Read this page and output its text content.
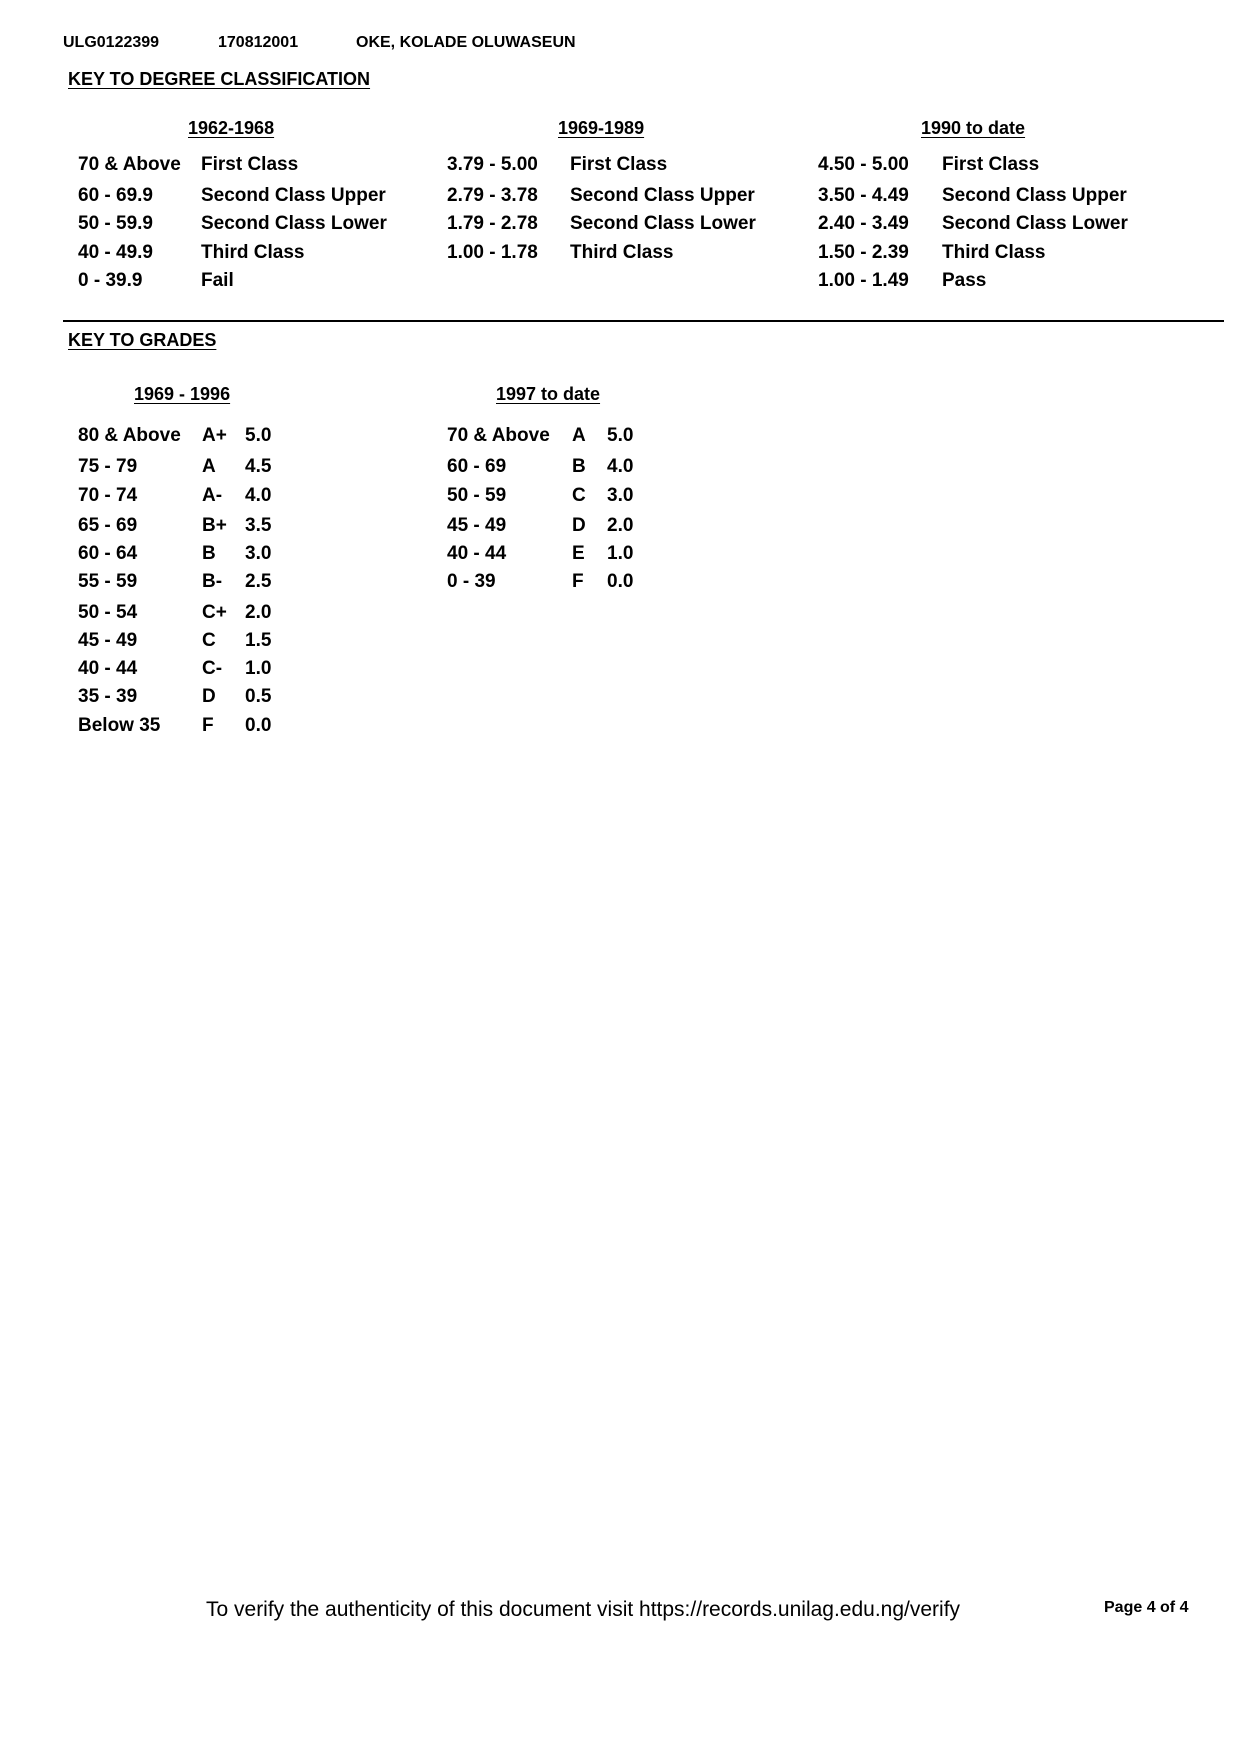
ULG0122399	170812001	OKE, KOLADE OLUWASEUN
KEY TO DEGREE CLASSIFICATION
1962-1968	1969-1989	1990 to date
70 & Above First Class
60 - 69.9	Second Class Upper
50 - 59.9	Second Class Lower
40 - 49.9	Third Class
0 - 39.9	Fail
3.79 - 5.00 First Class
2.79 - 3.78 Second Class Upper
1.79 - 2.78 Second Class Lower
1.00 - 1.78 Third Class
4.50 - 5.00 First Class
3.50 - 4.49 Second Class Upper
2.40 - 3.49 Second Class Lower
1.50 - 2.39 Third Class
1.00 - 1.49 Pass
KEY TO GRADES
1969 - 1996	1997 to date
80 & Above A+ 5.0
75 - 79	A 4.5
70 - 74	A- 4.0
65 - 69	B+ 3.5
60 - 64	B 3.0
55 - 59	B- 2.5
50 - 54	C+ 2.0
45 - 49	C 1.5
40 - 44	C- 1.0
35 - 39	D 0.5
Below 35 F 0.0
70 & Above A 5.0
60 - 69	B 4.0
50 - 59	C 3.0
45 - 49	D 2.0
40 - 44	E 1.0
0 - 39	F 0.0
To verify the authenticity of this document visit https://records.unilag.edu.ng/verify	Page 4 of 4
